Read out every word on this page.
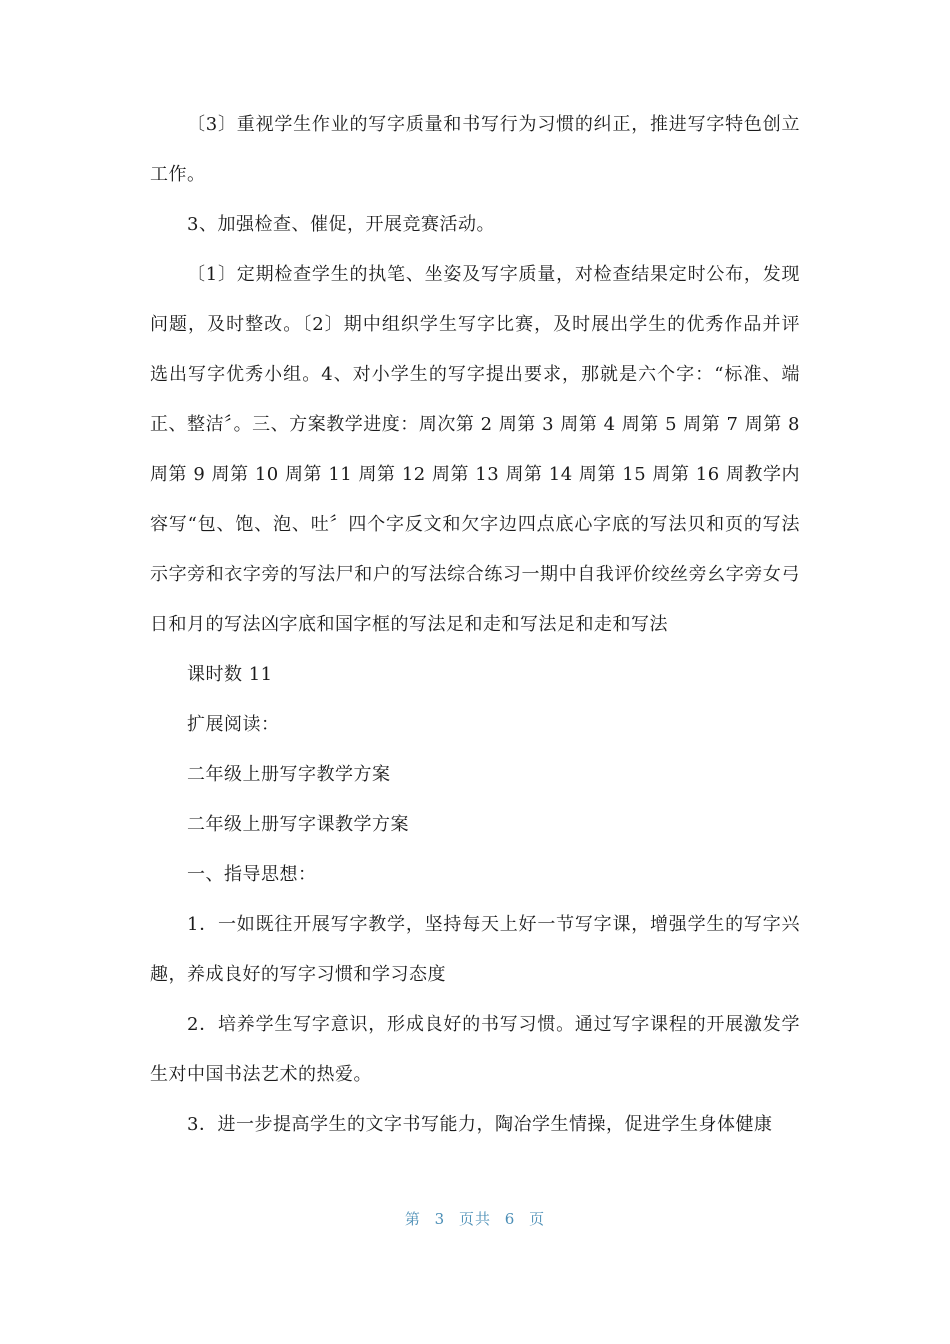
〔3〕重视学生作业的写字质量和书写行为习惯的纠正，推进写字特色创立工作。

3、加强检查、催促，开展竞赛活动。

〔1〕定期检查学生的执笔、坐姿及写字质量，对检查结果定时公布，发现问题，及时整改。〔2〕期中组织学生写字比赛，及时展出学生的优秀作品并评选出写字优秀小组。4、对小学生的写字提出要求，那就是六个字：“标准、端正、整洁〞。三、方案教学进度：周次第 2 周第 3 周第 4 周第 5 周第 7 周第 8 周第 9 周第 10 周第 11 周第 12 周第 13 周第 14 周第 15 周第 16 周教学内容写“包、饱、泡、吐〞四个字反文和欠字边四点底心字底的写法贝和页的写法示字旁和衣字旁的写法尸和户的写法综合练习一期中自我评价绞丝旁幺字旁女弓日和月的写法凶字底和国字框的写法足和走和写法足和走和写法

课时数 11

扩展阅读：

二年级上册写字教学方案

二年级上册写字课教学方案

一、指导思想：

1．一如既往开展写字教学，坚持每天上好一节写字课，增强学生的写字兴趣，养成良好的写字习惯和学习态度

2．培养学生写字意识，形成良好的书写习惯。通过写字课程的开展激发学生对中国书法艺术的热爱。

3．进一步提高学生的文字书写能力，陶冶学生情操，促进学生身体健康

第 3 页共 6 页
